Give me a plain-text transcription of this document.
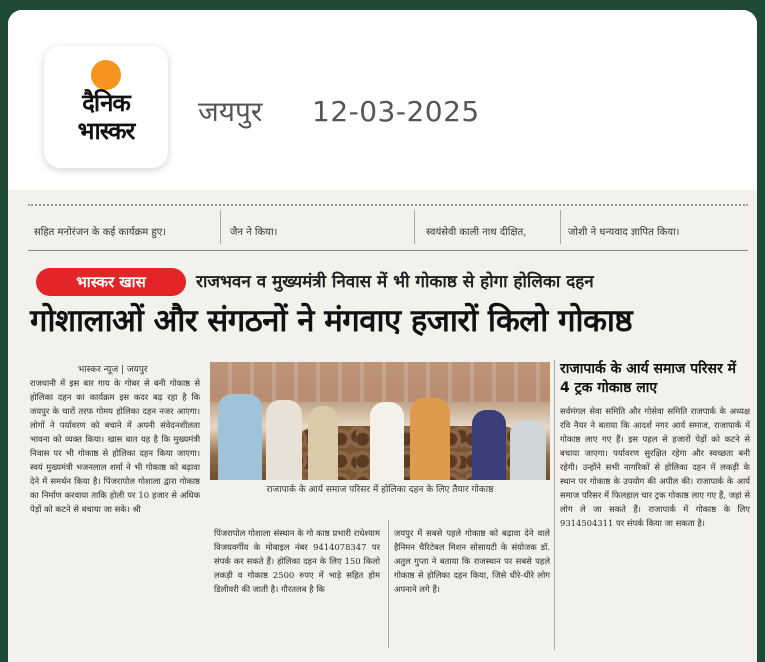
दैनिक
भास्कर
जयपुर 12-03-2025
सहित मनोरंजन के कई कार्यक्रम हुए।	जैन ने किया।	स्वयंसेवी काली नाथ दीक्षित,	जोशी ने धन्यवाद ज्ञापित किया।
भास्कर खास	राजभवन व मुख्यमंत्री निवास में भी गोकाष्ठ से होगा होलिका दहन
गोशालाओं और संगठनों ने मंगवाए हजारों किलो गोकाष्ठ
भास्कर न्यूज | जयपुर
राजधानी में इस बार गाय के गोबर से बनी गोकाष्ठ से होलिका दहन का कार्यक्रम इस कदर बढ़ रहा है कि जयपुर के चारों तरफ गोमय होलिका दहन नजर आएगा। लोगों ने पर्यावरण को बचाने में अपनी संवेदनशीलता भावना को व्यक्त किया। खास बात यह है कि मुख्यमंत्री निवास पर भी गोकाष्ठ से होलिका दहन किया जाएगा। स्वयं मुख्यमंत्री भजनलाल शर्मा ने भी गोकाष्ठ को बढ़ावा देने में समर्थन किया है। पिंजरापोल गोशाला द्वारा गोकाष्ठ का निर्माण करवाया ताकि होली पर 10 हजार से अधिक पेड़ों को कटने से बचाया जा सके। श्री
राजापार्क के आर्य समाज परिसर में होलिका दहन के लिए तैयार गोकाष्ठ
पिंजरापोल गोशाला संस्थान के गो काष्ठ प्रभारी राधेश्याम विजयवर्गीय के मोबाइल नंबर 9414078347 पर संपर्क कर सकते हैं। होलिका दहन के लिए 150 किलो लकड़ी व गोकाष्ठ 2500 रुपए में भाड़े सहित होम डिलीवरी की जाती है। गौरतलब है कि
जयपुर में सबसे पहले गोकाष्ठ को बढ़ावा देने वाले हैनिमन चैरिटेबल मिशन सोसायटी के संयोजक डॉ. अतुल गुप्ता ने बताया कि राजस्थान पर सबसे पहले गोकाष्ठ से होलिका दहन किया, जिसे धीरे-धीरे लोग अपनाने लगे हैं।
राजापार्क के आर्य समाज परिसर में 4 ट्रक गोकाष्ठ लाए
सर्वमंगल सेवा समिति और गोसेवा समिति राजपार्क के अध्यक्ष रवि नैयर ने बताया कि आदर्श नगर आर्य समाज, राजापार्क में गोकाष्ठ लाए गए हैं। इस पहल से हजारों पेड़ों को कटने से बचाया जाएगा। पर्यावरण सुरक्षित रहेगा और स्वच्छता बनी रहेगी। उन्होंने सभी नागरिकों से होलिका दहन में लकड़ी के स्थान पर गोकाष्ठ के उपयोग की अपील की। राजापार्क के आर्य समाज परिसर में फिलहाल चार ट्रक गोकाष्ठ लाए गए हैं, जहां से लोग ले जा सकते हैं। राजापार्क में गोकाष्ठ के लिए 9314504311 पर संपर्क किया जा सकता है।
